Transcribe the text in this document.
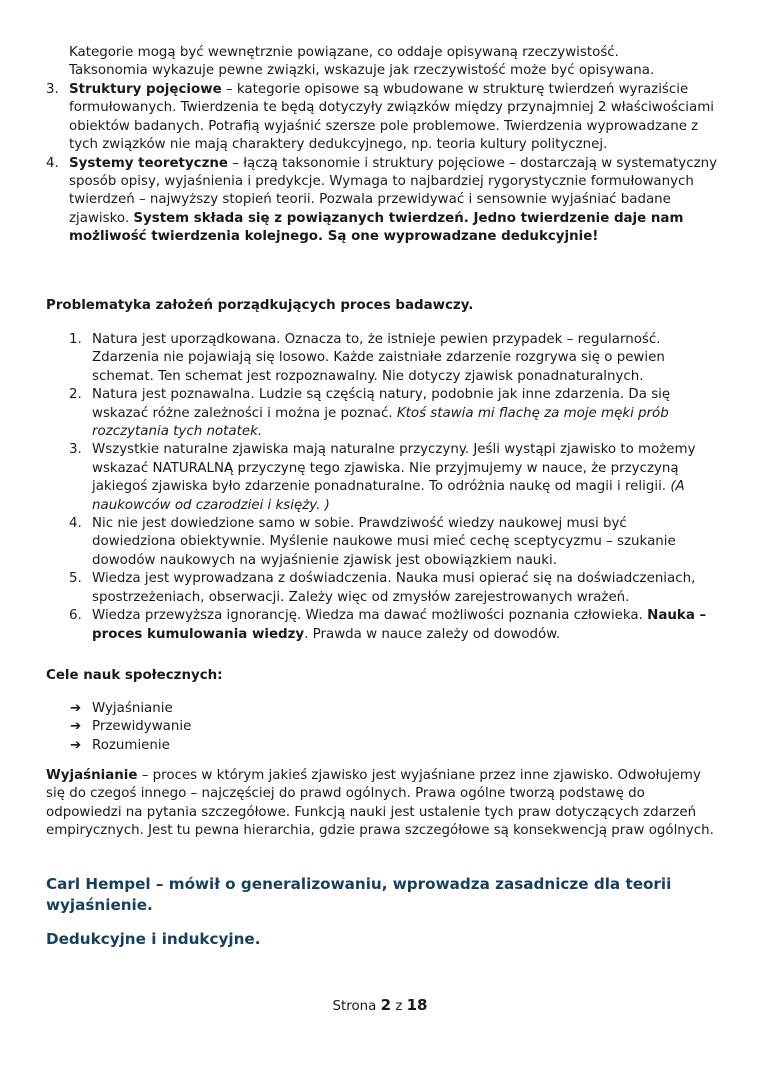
Kategorie mogą być wewnętrznie powiązane, co oddaje opisywaną rzeczywistość.
Taksonomia wykazuje pewne związki, wskazuje jak rzeczywistość może być opisywana.
3. Struktury pojęciowe – kategorie opisowe są wbudowane w strukturę twierdzeń wyraziście formułowanych. Twierdzenia te będą dotyczyły związków między przynajmniej 2 właściwościami obiektów badanych. Potrafią wyjaśnić szersze pole problemowe. Twierdzenia wyprowadzane z tych związków nie mają charaktery dedukcyjnego, np. teoria kultury politycznej.
4. Systemy teoretyczne – łączą taksonomie i struktury pojęciowe – dostarczają w systematyczny sposób opisy, wyjaśnienia i predykcje. Wymaga to najbardziej rygorystycznie formułowanych twierdzeń – najwyższy stopień teorii. Pozwala przewidywać i sensownie wyjaśniać badane zjawisko. System składa się z powiązanych twierdzeń. Jedno twierdzenie daje nam możliwość twierdzenia kolejnego. Są one wyprowadzane dedukcyjnie!
Problematyka założeń porządkujących proces badawczy.
1. Natura jest uporządkowana. Oznacza to, że istnieje pewien przypadek – regularność. Zdarzenia nie pojawiają się losowo. Każde zaistniałe zdarzenie rozgrywa się o pewien schemat. Ten schemat jest rozpoznawalny. Nie dotyczy zjawisk ponadnaturalnych.
2. Natura jest poznawalna. Ludzie są częścią natury, podobnie jak inne zdarzenia. Da się wskazać różne zależności i można je poznać. Ktoś stawia mi flachę za moje męki prób rozczytania tych notatek.
3. Wszystkie naturalne zjawiska mają naturalne przyczyny. Jeśli wystąpi zjawisko to możemy wskazać NATURALNĄ przyczynę tego zjawiska. Nie przyjmujemy w nauce, że przyczyną jakiegoś zjawiska było zdarzenie ponadnaturalne. To odróżnia naukę od magii i religii. (A naukowców od czarodziei i księży. )
4. Nic nie jest dowiedzione samo w sobie. Prawdziwość wiedzy naukowej musi być dowiedziona obiektywnie. Myślenie naukowe musi mieć cechę sceptycyzmu – szukanie dowodów naukowych na wyjaśnienie zjawisk jest obowiązkiem nauki.
5. Wiedza jest wyprowadzana z doświadczenia. Nauka musi opierać się na doświadczeniach, spostrzeżeniach, obserwacji. Zależy więc od zmysłów zarejestrowanych wrażeń.
6. Wiedza przewyższa ignorancję. Wiedza ma dawać możliwości poznania człowieka. Nauka – proces kumulowania wiedzy. Prawda w nauce zależy od dowodów.
Cele nauk społecznych:
➔ Wyjaśnianie
➔ Przewidywanie
➔ Rozumienie

Wyjaśnianie – proces w którym jakieś zjawisko jest wyjaśniane przez inne zjawisko. Odwołujemy się do czegoś innego – najczęściej do prawd ogólnych. Prawa ogólne tworzą podstawę do odpowiedzi na pytania szczegółowe. Funkcją nauki jest ustalenie tych praw dotyczących zdarzeń empirycznych. Jest tu pewna hierarchia, gdzie prawa szczegółowe są konsekwencją praw ogólnych.

Carl Hempel – mówił o generalizowaniu, wprowadza zasadnicze dla teorii wyjaśnienie.
Dedukcyjne i indukcyjne.
Strona 2 z 18
